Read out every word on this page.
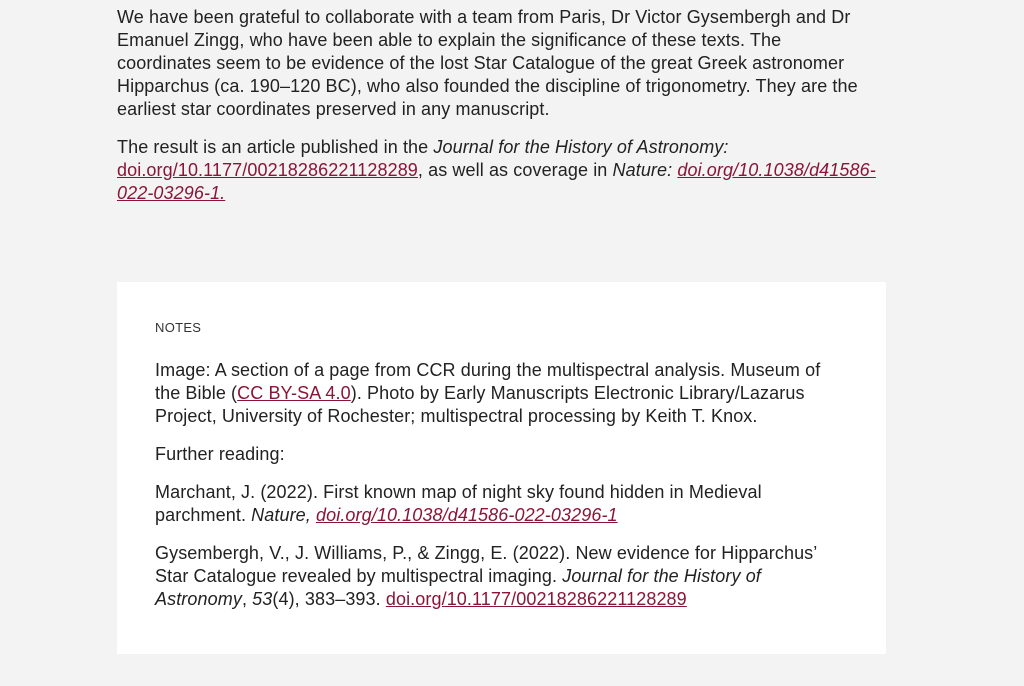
We have been grateful to collaborate with a team from Paris, Dr Victor Gysembergh and Dr Emanuel Zingg, who have been able to explain the significance of these texts. The coordinates seem to be evidence of the lost Star Catalogue of the great Greek astronomer Hipparchus (ca. 190–120 BC), who also founded the discipline of trigonometry. They are the earliest star coordinates preserved in any manuscript.

The result is an article published in the Journal for the History of Astronomy: doi.org/10.1177/00218286221128289, as well as coverage in Nature: doi.org/10.1038/d41586-022-03296-1.

NOTES

Image: A section of a page from CCR during the multispectral analysis. Museum of the Bible (CC BY-SA 4.0). Photo by Early Manuscripts Electronic Library/Lazarus Project, University of Rochester; multispectral processing by Keith T. Knox.

Further reading:

Marchant, J. (2022). First known map of night sky found hidden in Medieval parchment. Nature, doi.org/10.1038/d41586-022-03296-1

Gysembergh, V., J. Williams, P., & Zingg, E. (2022). New evidence for Hipparchus’ Star Catalogue revealed by multispectral imaging. Journal for the History of Astronomy, 53(4), 383–393. doi.org/10.1177/00218286221128289
